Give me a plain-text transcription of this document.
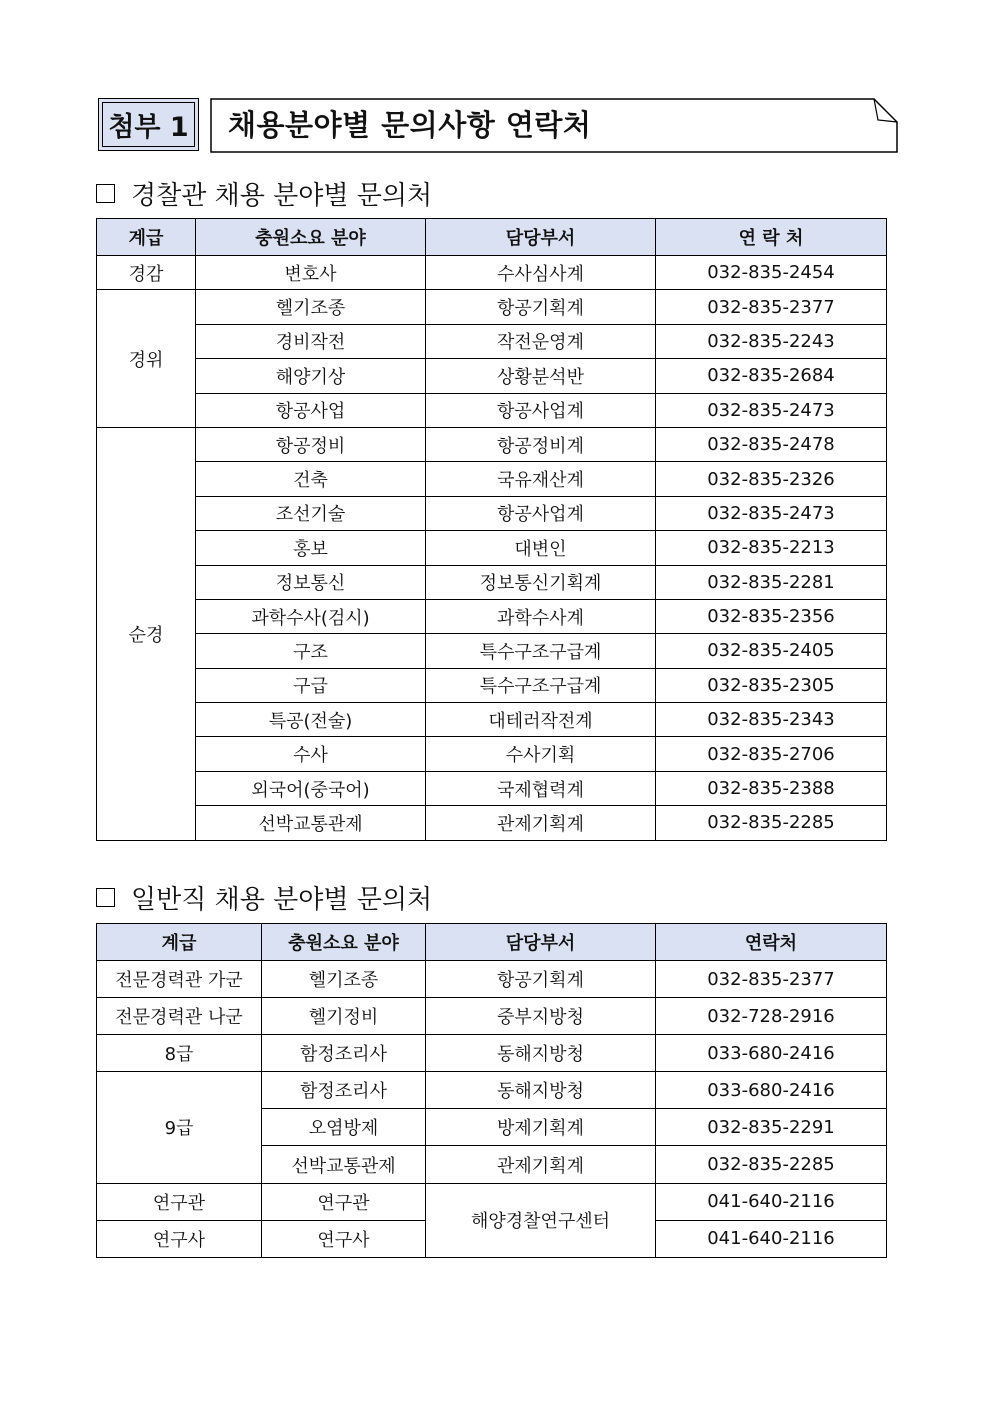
첨부 1 채용분야별 문의사항 연락처
경찰관 채용 분야별 문의처
계급	충원소요 분야	담당부서	연 락 처
경감	변호사	수사심사계	032-835-2454
경위	헬기조종	항공기획계	032-835-2377
	경비작전	작전운영계	032-835-2243
	해양기상	상황분석반	032-835-2684
	항공사업	항공사업계	032-835-2473
순경	항공정비	항공정비계	032-835-2478
	건축	국유재산계	032-835-2326
	조선기술	항공사업계	032-835-2473
	홍보	대변인	032-835-2213
	정보통신	정보통신기획계	032-835-2281
	과학수사(검시)	과학수사계	032-835-2356
	구조	특수구조구급계	032-835-2405
	구급	특수구조구급계	032-835-2305
	특공(전술)	대테러작전계	032-835-2343
	수사	수사기획	032-835-2706
	외국어(중국어)	국제협력계	032-835-2388
	선박교통관제	관제기획계	032-835-2285
일반직 채용 분야별 문의처
계급	충원소요 분야	담당부서	연락처
전문경력관 가군	헬기조종	항공기획계	032-835-2377
전문경력관 나군	헬기정비	중부지방청	032-728-2916
8급	함정조리사	동해지방청	033-680-2416
9급	함정조리사	동해지방청	033-680-2416
	오염방제	방제기획계	032-835-2291
	선박교통관제	관제기획계	032-835-2285
연구관	연구관	해양경찰연구센터	041-640-2116
연구사	연구사		041-640-2116
